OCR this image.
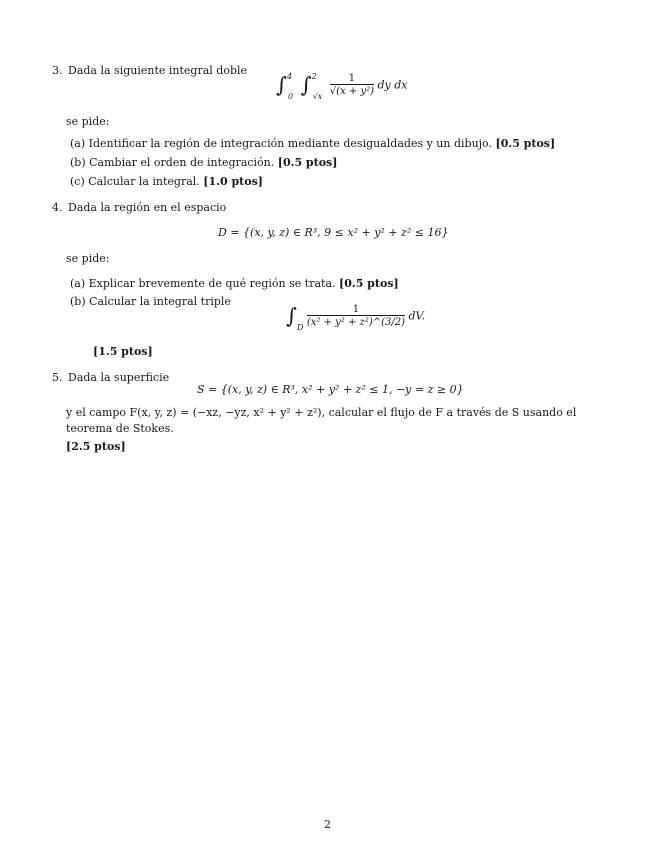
3. Dada la siguiente integral doble
∫$^4_0$ $\int^2_{√x} \frac{1}{\text{√(x + y²)}}$ dy dx
se pide:
(a) Identificar la región de integración mediante desigualdades y un dibujo. [0.5 ptos]
(b) Cambiar el orden de integración. [0.5 ptos]
(c) Calcular la integral. [1.0 ptos]
4. Dada la región en el espacio
D = {(x, y, z) ∈ R³, 9 ≤ x² + y² + z² ≤ 16}
se pide:
(a) Explicar brevemente de qué región se trata. [0.5 ptos]
(b) Calcular la integral triple
$\int_D \frac{1}{\text{(x² + y² + z²)\textasciicircum{}(3/2)}}$ dV.
[1.5 ptos]
5. Dada la superficie
S = {(x, y, z) ∈ R³, x² + y² + z² ≤ 1, −y = z ≥ 0}
y el campo F(x, y, z) = (−xz, −yz, x² + y² + z²), calcular el flujo de F a través de S usando el teorema de Stokes.
[2.5 ptos]
2
